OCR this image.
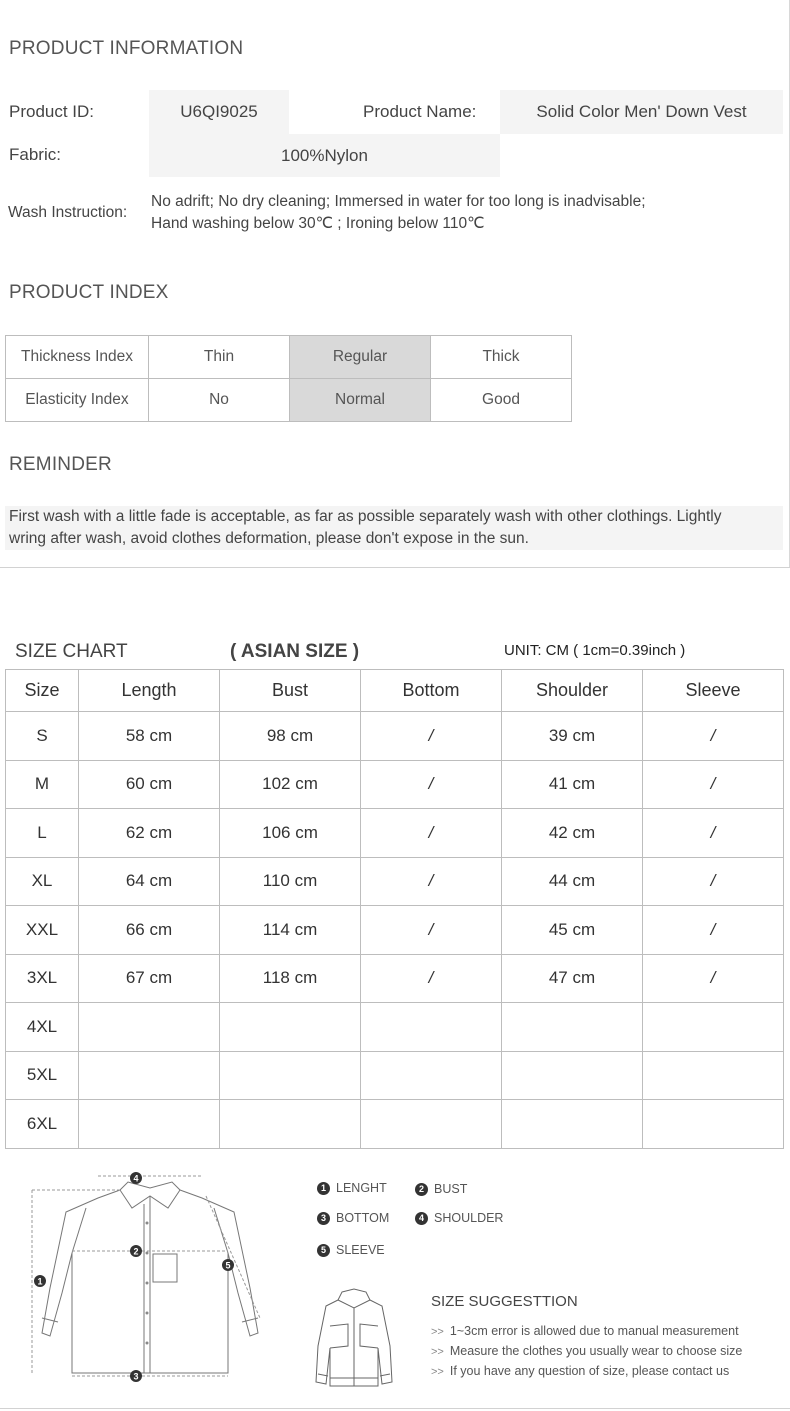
PRODUCT INFORMATION
Product ID:	U6QI9025	Product Name:	Solid Color Men' Down Vest
Fabric:	100%Nylon
Wash Instruction:
No adrift; No dry cleaning; Immersed in water for too long is inadvisable;
Hand washing below 30℃ ; Ironing below 110℃
PRODUCT INDEX
Thickness Index	Thin	Regular	Thick
Elasticity Index	No	Normal	Good
REMINDER
First wash with a little fade is acceptable, as far as possible separately wash with other clothings. Lightly
wring after wash, avoid clothes deformation, please don't expose in the sun.
SIZE CHART	( ASIAN SIZE )	UNIT: CM ( 1cm=0.39inch )
Size	Length	Bust	Bottom	Shoulder	Sleeve
S	58 cm	98 cm	/	39 cm	/
M	60 cm	102 cm	/	41 cm	/
L	62 cm	106 cm	/	42 cm	/
XL	64 cm	110 cm	/	44 cm	/
XXL	66 cm	114 cm	/	45 cm	/
3XL	67 cm	118 cm	/	47 cm	/
4XL					
5XL					
6XL					
1
2
3
4
5
1 LENGHT	2 BUST
3 BOTTOM	4 SHOULDER
5 SLEEVE
SIZE SUGGESTTION
>> 1~3cm error is allowed due to manual measurement
>> Measure the clothes you usually wear to choose size
>> If you have any question of size, please contact us
